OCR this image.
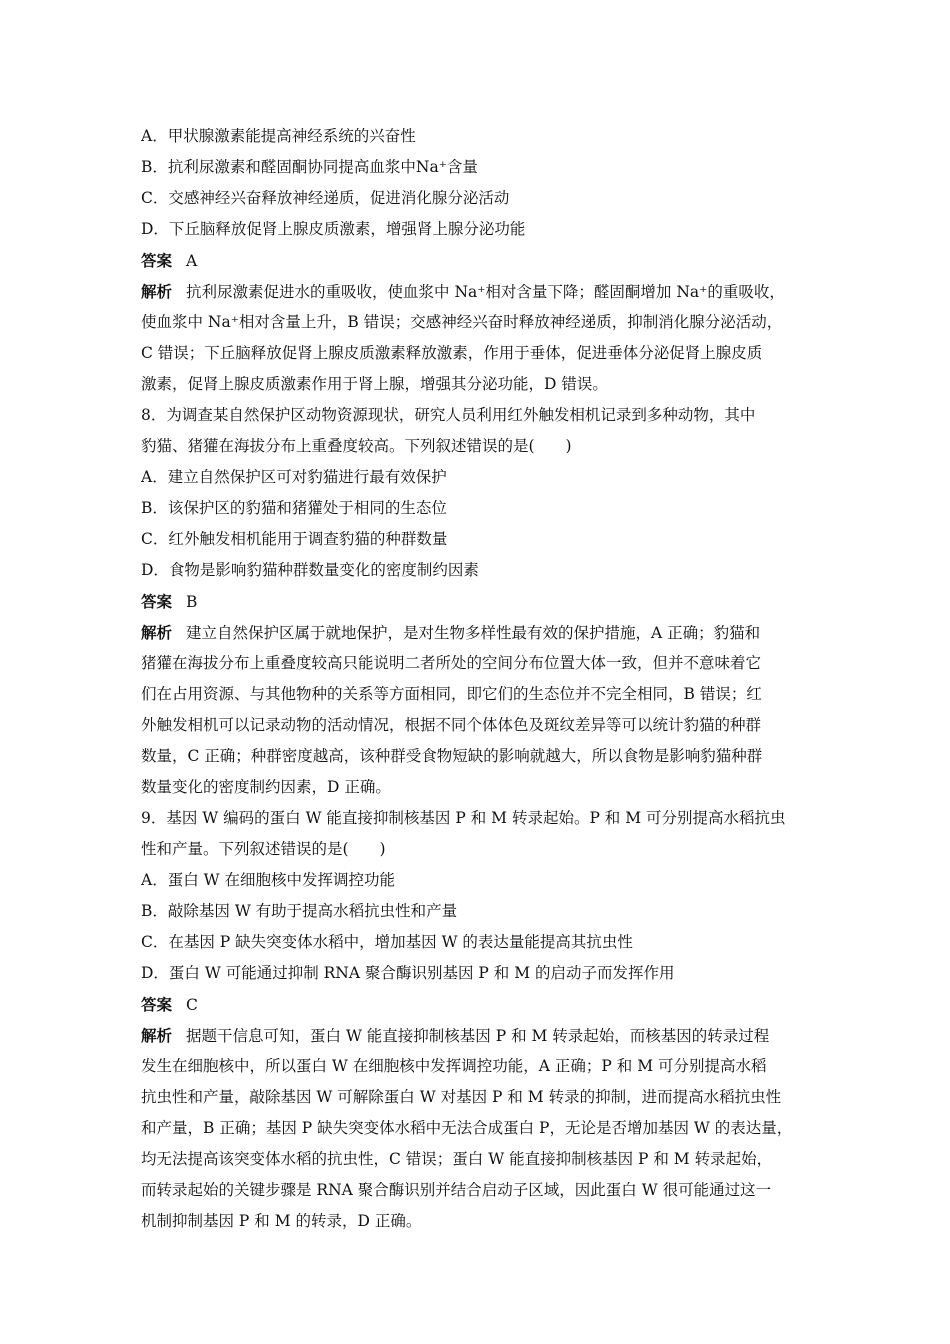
A．甲状腺激素能提高神经系统的兴奋性
B．抗利尿激素和醛固酮协同提高血浆中Na⁺含量
C．交感神经兴奋释放神经递质，促进消化腺分泌活动
D．下丘脑释放促肾上腺皮质激素，增强肾上腺分泌功能
答案 A
解析 抗利尿激素促进水的重吸收，使血浆中 Na⁺相对含量下降；醛固酮增加 Na⁺的重吸收，
使血浆中 Na⁺相对含量上升，B 错误；交感神经兴奋时释放神经递质，抑制消化腺分泌活动，
C 错误；下丘脑释放促肾上腺皮质激素释放激素，作用于垂体，促进垂体分泌促肾上腺皮质
激素，促肾上腺皮质激素作用于肾上腺，增强其分泌功能，D 错误。
8．为调查某自然保护区动物资源现状，研究人员利用红外触发相机记录到多种动物，其中
豹猫、猪獾在海拔分布上重叠度较高。下列叙述错误的是(　　)
A．建立自然保护区可对豹猫进行最有效保护
B．该保护区的豹猫和猪獾处于相同的生态位
C．红外触发相机能用于调查豹猫的种群数量
D．食物是影响豹猫种群数量变化的密度制约因素
答案 B
解析 建立自然保护区属于就地保护，是对生物多样性最有效的保护措施，A 正确；豹猫和
猪獾在海拔分布上重叠度较高只能说明二者所处的空间分布位置大体一致，但并不意味着它
们在占用资源、与其他物种的关系等方面相同，即它们的生态位并不完全相同，B 错误；红
外触发相机可以记录动物的活动情况，根据不同个体体色及斑纹差异等可以统计豹猫的种群
数量，C 正确；种群密度越高，该种群受食物短缺的影响就越大，所以食物是影响豹猫种群
数量变化的密度制约因素，D 正确。
9．基因 W 编码的蛋白 W 能直接抑制核基因 P 和 M 转录起始。P 和 M 可分别提高水稻抗虫
性和产量。下列叙述错误的是(　　)
A．蛋白 W 在细胞核中发挥调控功能
B．敲除基因 W 有助于提高水稻抗虫性和产量
C．在基因 P 缺失突变体水稻中，增加基因 W 的表达量能提高其抗虫性
D．蛋白 W 可能通过抑制 RNA 聚合酶识别基因 P 和 M 的启动子而发挥作用
答案 C
解析 据题干信息可知，蛋白 W 能直接抑制核基因 P 和 M 转录起始，而核基因的转录过程
发生在细胞核中，所以蛋白 W 在细胞核中发挥调控功能，A 正确；P 和 M 可分别提高水稻
抗虫性和产量，敲除基因 W 可解除蛋白 W 对基因 P 和 M 转录的抑制，进而提高水稻抗虫性
和产量，B 正确；基因 P 缺失突变体水稻中无法合成蛋白 P，无论是否增加基因 W 的表达量，
均无法提高该突变体水稻的抗虫性，C 错误；蛋白 W 能直接抑制核基因 P 和 M 转录起始，
而转录起始的关键步骤是 RNA 聚合酶识别并结合启动子区域，因此蛋白 W 很可能通过这一
机制抑制基因 P 和 M 的转录，D 正确。
